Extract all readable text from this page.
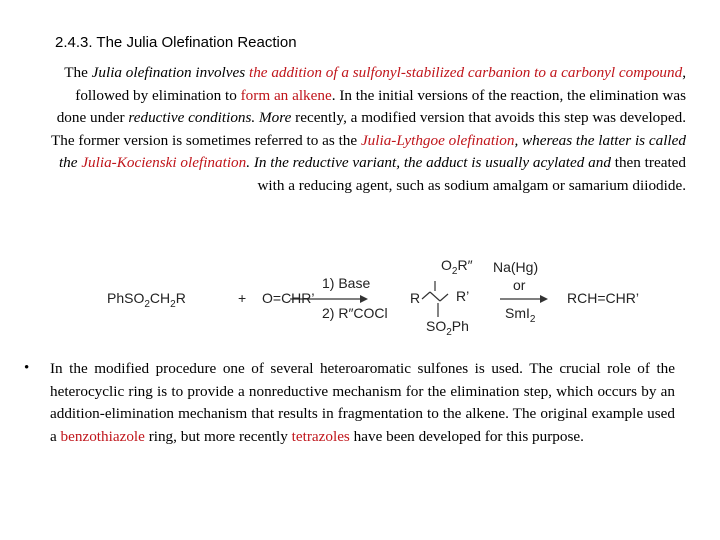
2.4.3. The Julia Olefination Reaction
The Julia olefination involves the addition of a sulfonyl-stabilized carbanion to a carbonyl compound, followed by elimination to form an alkene. In the initial versions of the reaction, the elimination was done under reductive conditions. More recently, a modified version that avoids this step was developed. The former version is sometimes referred to as the Julia-Lythgoe olefination, whereas the latter is called the Julia-Kocienski olefination. In the reductive variant, the adduct is usually acylated and then treated with a reducing agent, such as sodium amalgam or samarium diiodide.
$PhSO_2CH_2R$	+ O=CHR’
1) Base
2) R″COCl
$O_2R''$
R	R’
$SO_2Ph$
Na(Hg)
or
SmI$_2$
RCH=CHR’
• In the modified procedure one of several heteroaromatic sulfones is used. The crucial role of the heterocyclic ring is to provide a nonreductive mechanism for the elimination step, which occurs by an addition-elimination mechanism that results in fragmentation to the alkene. The original example used a benzothiazole ring, but more recently tetrazoles have been developed for this purpose.
